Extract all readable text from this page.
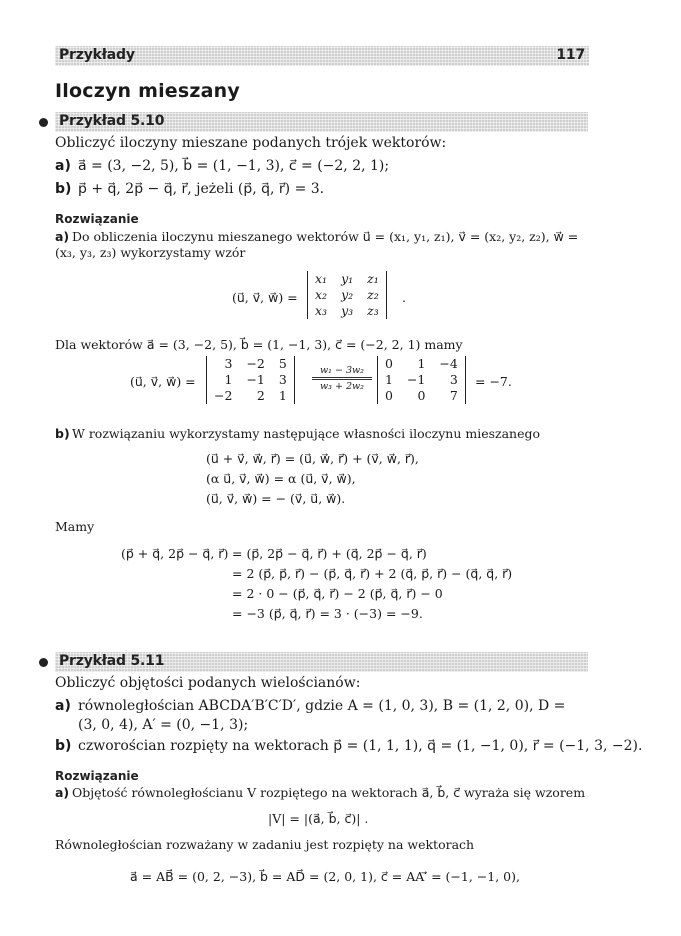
Przykłady	117
Iloczyn mieszany
Przykład 5.10
Obliczyć iloczyny mieszane podanych trójek wektorów:
a) a⃗ = (3, −2, 5), b⃗ = (1, −1, 3), c⃗ = (−2, 2, 1);
b) p⃗ + q⃗, 2p⃗ − q⃗, r⃗, jeżeli (p⃗, q⃗, r⃗) = 3.
Rozwiązanie
a) Do obliczenia iloczynu mieszanego wektorów u⃗ = (x₁, y₁, z₁), v⃗ = (x₂, y₂, z₂), w⃗ =
(x₃, y₃, z₃) wykorzystamy wzór
(u⃗, v⃗, w⃗) =
x₁	y₁	z₁
x₂	y₂	z₂
x₃	y₃	z₃
.
Dla wektorów a⃗ = (3, −2, 5), b⃗ = (1, −1, 3), c⃗ = (−2, 2, 1) mamy
(u⃗, v⃗, w⃗) =
3	−2	5
1	−1	3
−2	2	1
w₁ − 3w₂
w₃ + 2w₂
0	1	−4
1	−1	3
0	0	7
= −7.
b) W rozwiązaniu wykorzystamy następujące własności iloczynu mieszanego
(u⃗ + v⃗, w⃗, r⃗) = (u⃗, w⃗, r⃗) + (v⃗, w⃗, r⃗),
(α u⃗, v⃗, w⃗) = α (u⃗, v⃗, w⃗),
(u⃗, v⃗, w⃗) = − (v⃗, u⃗, w⃗).
Mamy
(p⃗ + q⃗, 2p⃗ − q⃗, r⃗) = (p⃗, 2p⃗ − q⃗, r⃗) + (q⃗, 2p⃗ − q⃗, r⃗)
= 2 (p⃗, p⃗, r⃗) − (p⃗, q⃗, r⃗) + 2 (q⃗, p⃗, r⃗) − (q⃗, q⃗, r⃗)
= 2 · 0 − (p⃗, q⃗, r⃗) − 2 (p⃗, q⃗, r⃗) − 0
= −3 (p⃗, q⃗, r⃗) = 3 · (−3) = −9.
Przykład 5.11
Obliczyć objętości podanych wielościanów:
a) równoległościan ABCDA′B′C′D′, gdzie A = (1, 0, 3), B = (1, 2, 0), D =
(3, 0, 4), A′ = (0, −1, 3);
b) czworościan rozpięty na wektorach p⃗ = (1, 1, 1), q⃗ = (1, −1, 0), r⃗ = (−1, 3, −2).
Rozwiązanie
a) Objętość równoległościanu V rozpiętego na wektorach a⃗, b⃗, c⃗ wyraża się wzorem
|V| = |(a⃗, b⃗, c⃗)| .
Równoległościan rozważany w zadaniu jest rozpięty na wektorach
a⃗ = AB⃗ = (0, 2, −3), b⃗ = AD⃗ = (2, 0, 1), c⃗ = AA′⃗ = (−1, −1, 0),
